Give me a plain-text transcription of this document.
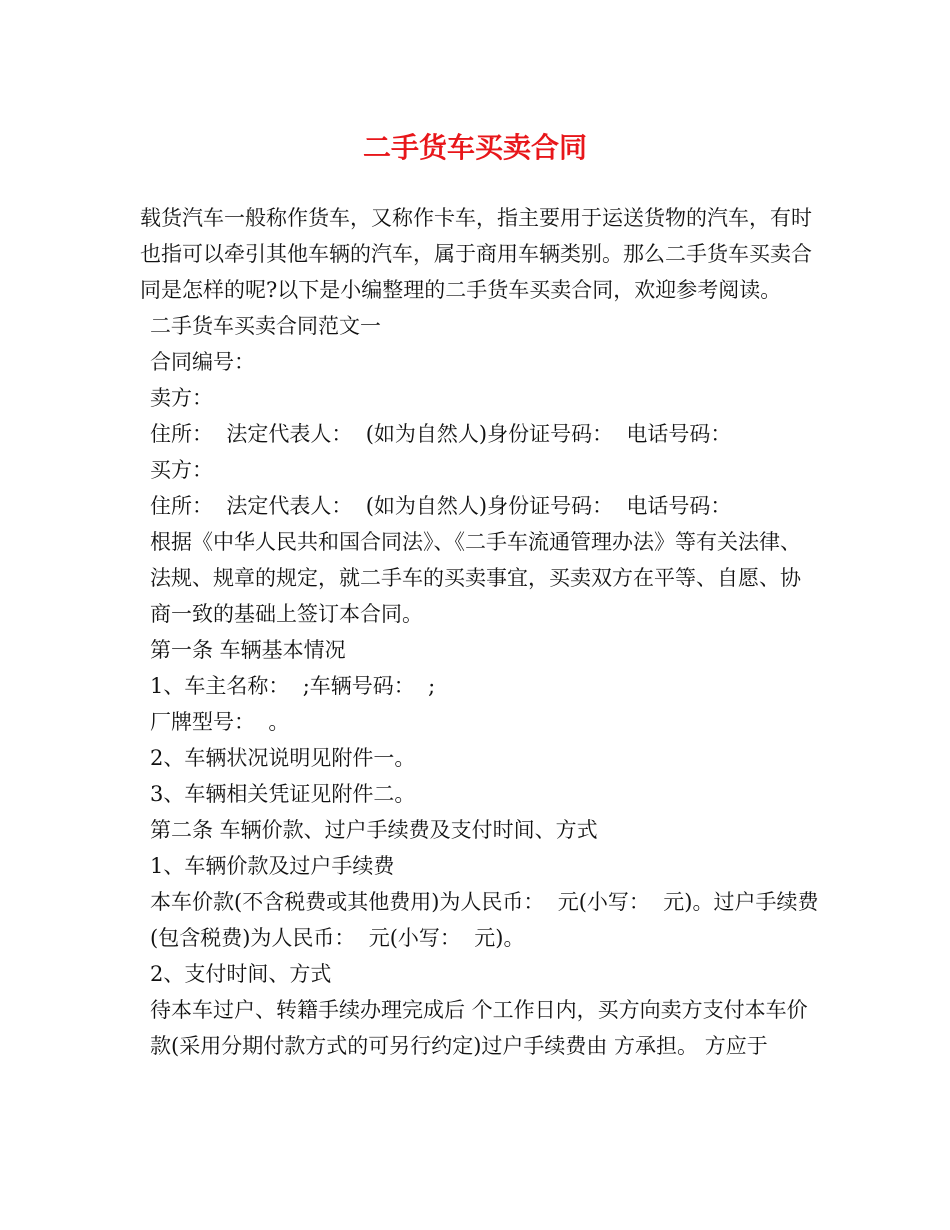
二手货车买卖合同

载货汽车一般称作货车，又称作卡车，指主要用于运送货物的汽车，有时也指可以牵引其他车辆的汽车，属于商用车辆类别。那么二手货车买卖合同是怎样的呢?以下是小编整理的二手货车买卖合同，欢迎参考阅读。

二手货车买卖合同范文一

合同编号：

卖方：

住所：  法定代表人：  (如为自然人)身份证号码：  电话号码：

买方：

住所：  法定代表人：  (如为自然人)身份证号码：  电话号码：

根据《中华人民共和国合同法》、《二手车流通管理办法》等有关法律、法规、规章的规定，就二手车的买卖事宜，买卖双方在平等、自愿、协商一致的基础上签订本合同。

第一条 车辆基本情况

1、车主名称：  ;车辆号码：  ;

厂牌型号：  。

2、车辆状况说明见附件一。

3、车辆相关凭证见附件二。

第二条 车辆价款、过户手续费及支付时间、方式

1、车辆价款及过户手续费

本车价款(不含税费或其他费用)为人民币：  元(小写：  元)。过户手续费(包含税费)为人民币：  元(小写：  元)。

2、支付时间、方式

待本车过户、转籍手续办理完成后 个工作日内，买方向卖方支付本车价款(采用分期付款方式的可另行约定)过户手续费由 方承担。 方应于
